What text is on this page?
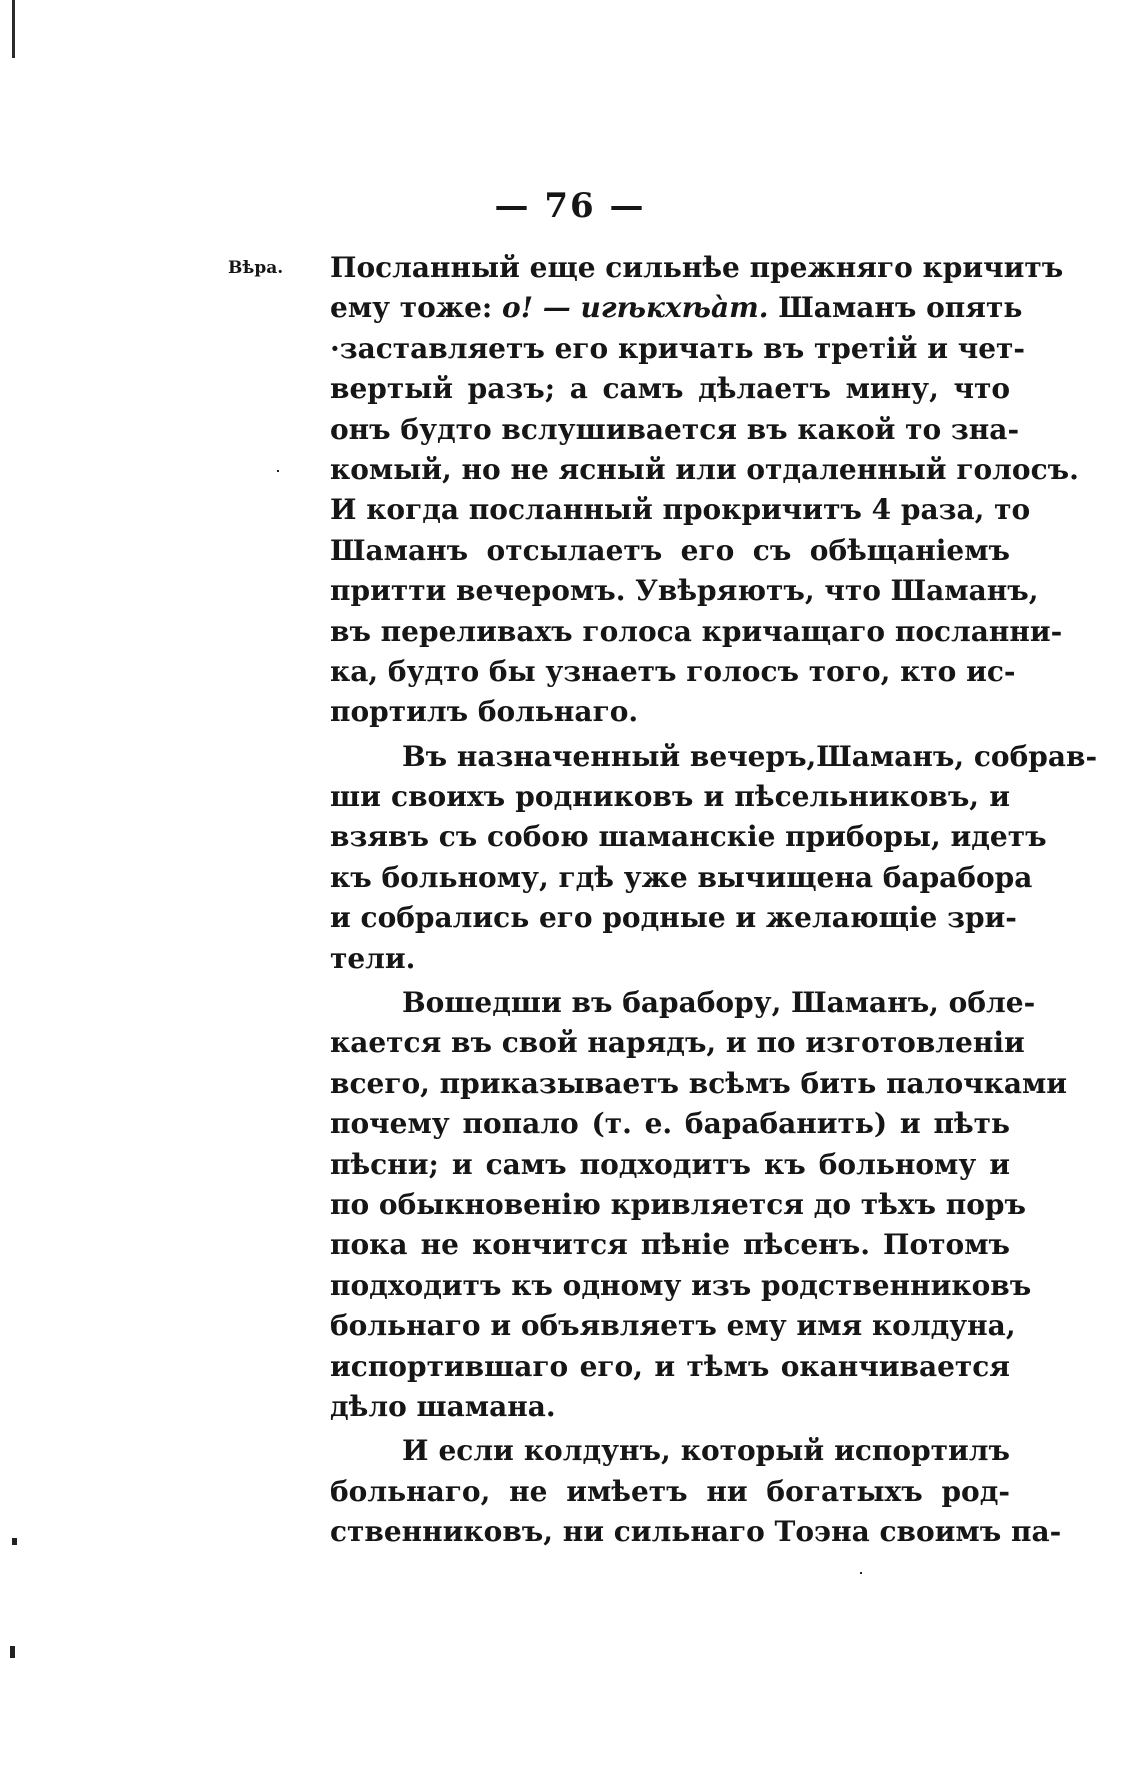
— 76 —
Вѣра. Посланный еще сильнѣе прежняго кричитъ
ему тоже: о! — игѣкхѣàт. Шаманъ опять
·заставляетъ его кричать въ третій и чет-
вертый разъ; а самъ дѣлаетъ мину, что
онъ будто вслушивается въ какой то зна-
комый, но не ясный или отдаленный голосъ.
И когда посланный прокричитъ 4 раза, то
Шаманъ отсылаетъ его съ обѣщаніемъ
притти вечеромъ. Увѣряютъ, что Шаманъ,
въ переливахъ голоса кричащаго посланни-
ка, будто бы узнаетъ голосъ того, кто ис-
портилъ больнаго.
Въ назначенный вечеръ,Шаманъ, собрав-
ши своихъ родниковъ и пѣсельниковъ, и
взявъ съ собою шаманскіе приборы, идетъ
къ больному, гдѣ уже вычищена барабора
и собрались его родные и желающіе зри-
тели.
Вошедши въ барабору, Шаманъ, обле-
кается въ свой нарядъ, и по изготовленіи
всего, приказываетъ всѣмъ бить палочками
почему попало (т. е. барабанить) и пѣть
пѣсни; и самъ подходитъ къ больному и
по обыкновенію кривляется до тѣхъ поръ
пока не кончится пѣніе пѣсенъ. Потомъ
подходитъ къ одному изъ родственниковъ
больнаго и объявляетъ ему имя колдуна,
испортившаго его, и тѣмъ оканчивается
дѣло шамана.
И если колдунъ, который испортилъ
больнаго, не имѣетъ ни богатыхъ род-
ственниковъ, ни сильнаго Тоэна своимъ па-
